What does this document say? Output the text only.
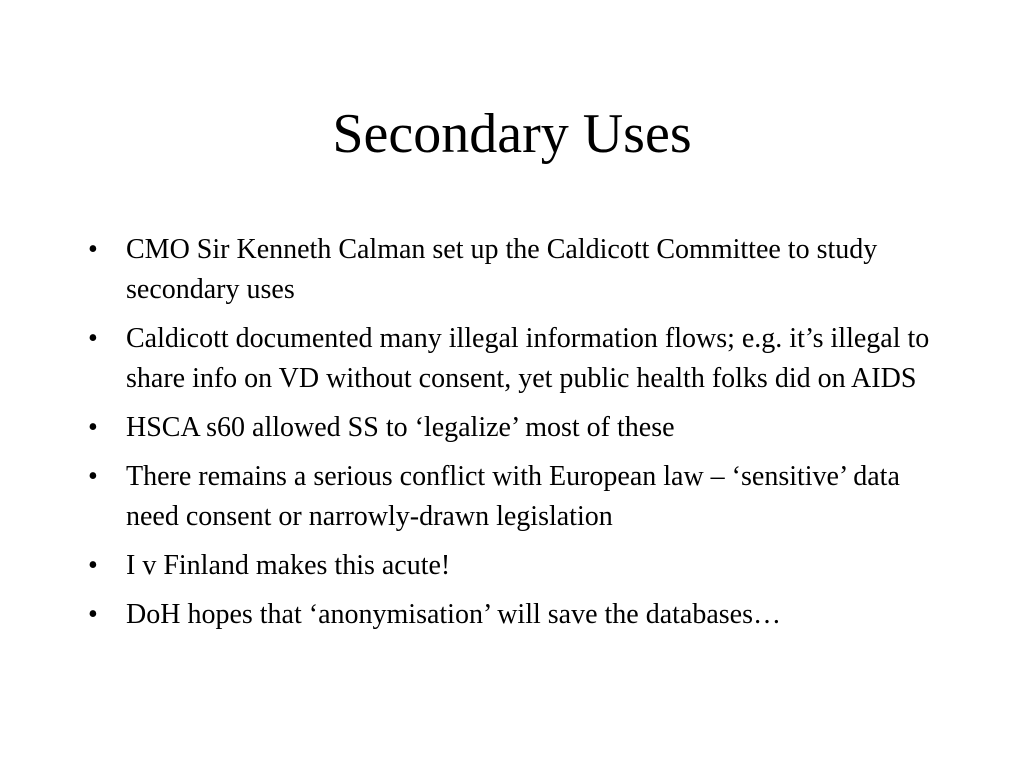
Secondary Uses
•	CMO Sir Kenneth Calman set up the Caldicott Committee to study secondary uses
•	Caldicott documented many illegal information flows; e.g. it’s illegal to share info on VD without consent, yet public health folks did on AIDS
•	HSCA s60 allowed SS to ‘legalize’ most of these
•	There remains a serious conflict with European law – ‘sensitive’ data need consent or narrowly-drawn legislation
•	I v Finland makes this acute!
•	DoH hopes that ‘anonymisation’ will save the databases…
